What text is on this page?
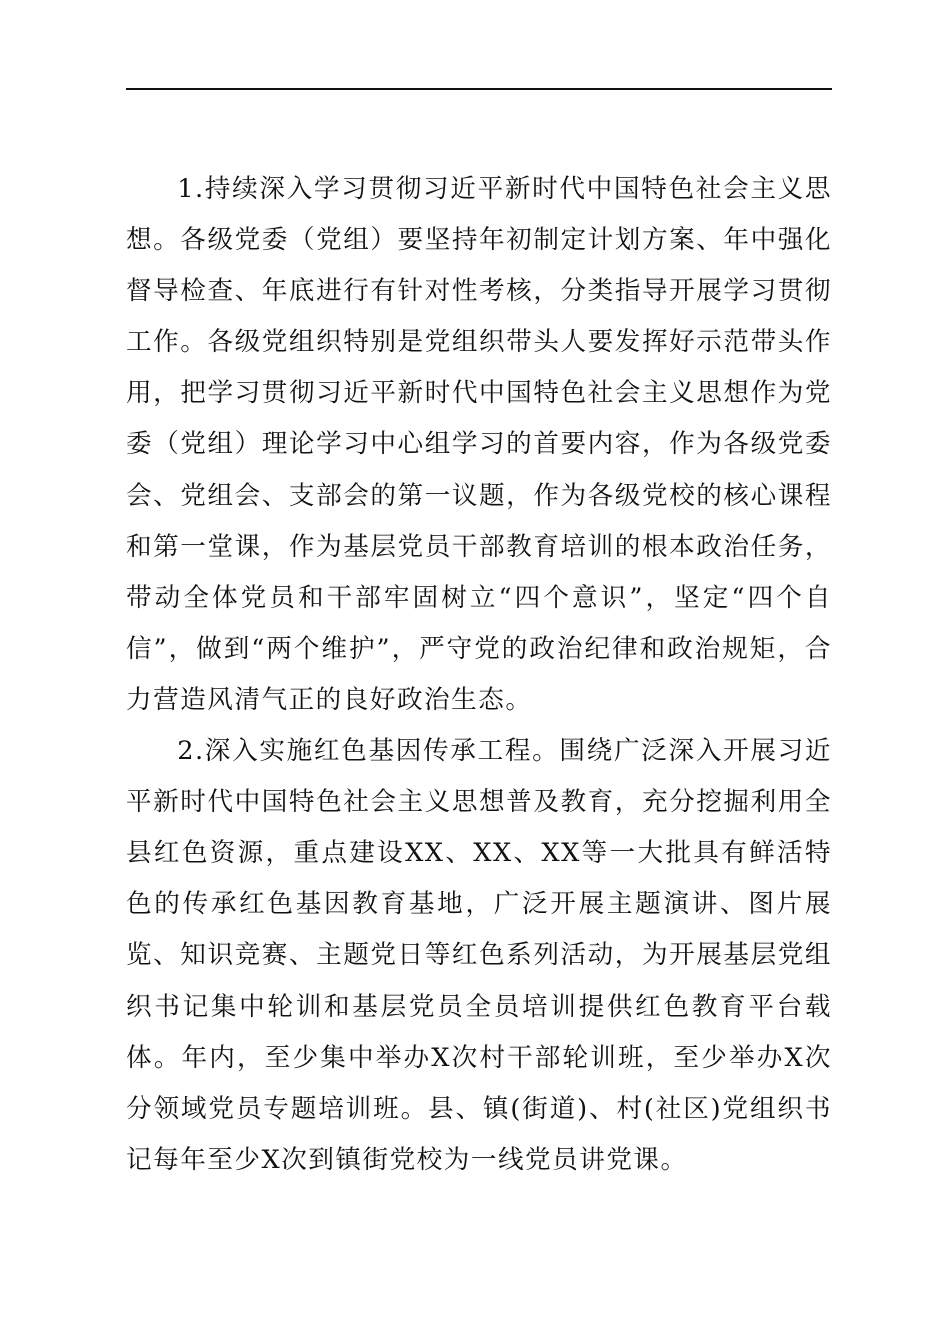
1.持续深入学习贯彻习近平新时代中国特色社会主义思想。各级党委（党组）要坚持年初制定计划方案、年中强化督导检查、年底进行有针对性考核，分类指导开展学习贯彻工作。各级党组织特别是党组织带头人要发挥好示范带头作用，把学习贯彻习近平新时代中国特色社会主义思想作为党委（党组）理论学习中心组学习的首要内容，作为各级党委会、党组会、支部会的第一议题，作为各级党校的核心课程和第一堂课，作为基层党员干部教育培训的根本政治任务，带动全体党员和干部牢固树立“四个意识”，坚定“四个自信”，做到“两个维护”，严守党的政治纪律和政治规矩，合力营造风清气正的良好政治生态。

2.深入实施红色基因传承工程。围绕广泛深入开展习近平新时代中国特色社会主义思想普及教育，充分挖掘利用全县红色资源，重点建设XX、XX、XX等一大批具有鲜活特色的传承红色基因教育基地，广泛开展主题演讲、图片展览、知识竞赛、主题党日等红色系列活动，为开展基层党组织书记集中轮训和基层党员全员培训提供红色教育平台载体。年内，至少集中举办X次村干部轮训班，至少举办X次分领域党员专题培训班。县、镇(街道)、村(社区)党组织书记每年至少X次到镇街党校为一线党员讲党课。
